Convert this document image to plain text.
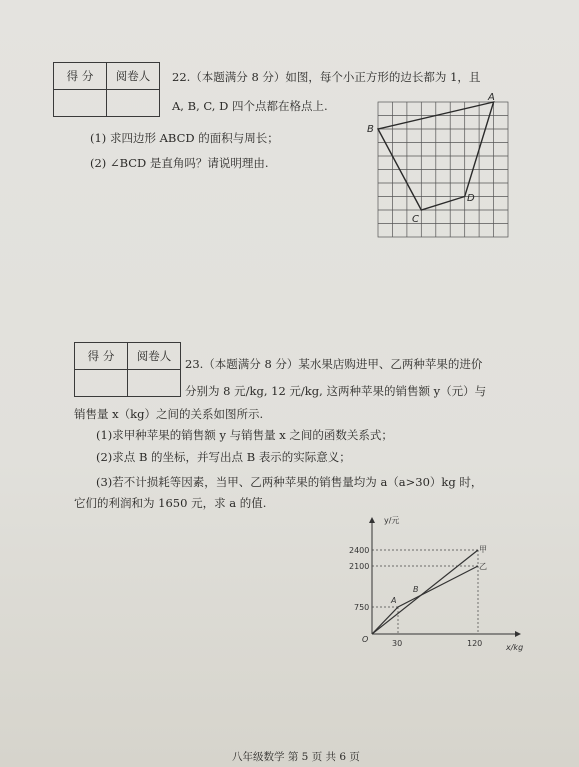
得 分	阅卷人
	22.（本题满分 8 分）如图，每个小正方形的边长都为 1，且
A, B, C, D 四个点都在格点上.
(1) 求四边形 ABCD 的面积与周长；
(2) ∠BCD 是直角吗？请说明理由.
A
B
C
D
得 分	阅卷人

23.（本题满分 8 分）某水果店购进甲、乙两种苹果的进价
分别为 8 元/kg, 12 元/kg, 这两种苹果的销售额 y（元）与
销售量 x（kg）之间的关系如图所示.
(1)求甲种苹果的销售额 y 与销售量 x 之间的函数关系式；
(2)求点 B 的坐标，并写出点 B 表示的实际意义；
(3)若不计损耗等因素，当甲、乙两种苹果的销售量均为 a（a>30）kg 时，
它们的利润和为 1650 元，求 a 的值.
y/元
x/kg
O
2400
2100
750
30	120
A
B
甲
乙
八年级数学 第 5 页 共 6 页
